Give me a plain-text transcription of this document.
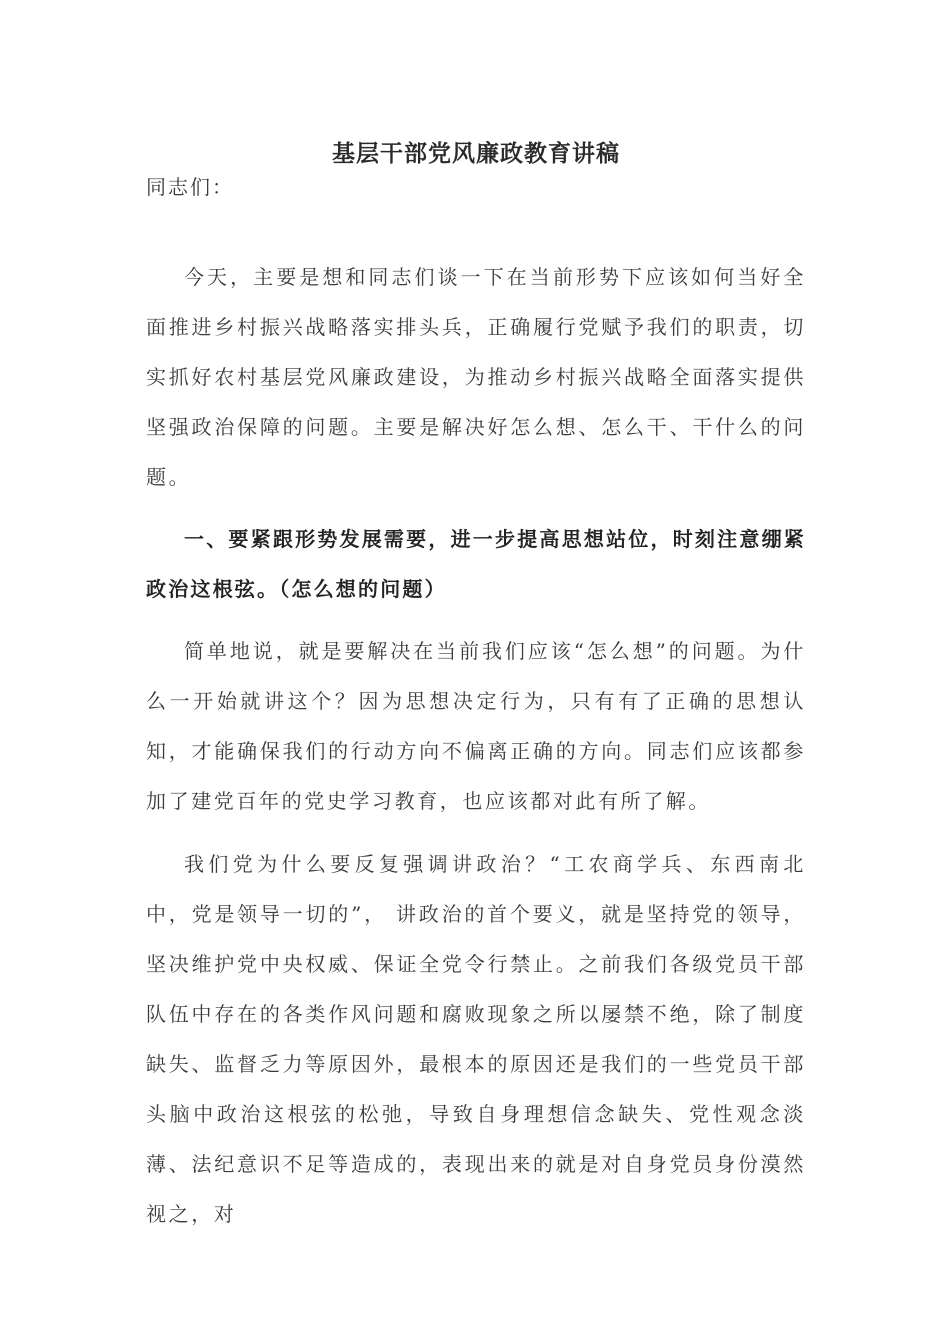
基层干部党风廉政教育讲稿

同志们：

今天，主要是想和同志们谈一下在当前形势下应该如何当好全面推进乡村振兴战略落实排头兵，正确履行党赋予我们的职责，切实抓好农村基层党风廉政建设，为推动乡村振兴战略全面落实提供坚强政治保障的问题。主要是解决好怎么想、怎么干、干什么的问题。

一、要紧跟形势发展需要，进一步提高思想站位，时刻注意绷紧政治这根弦。（怎么想的问题）

简单地说，就是要解决在当前我们应该“怎么想”的问题。为什么一开始就讲这个？因为思想决定行为，只有有了正确的思想认知，才能确保我们的行动方向不偏离正确的方向。同志们应该都参加了建党百年的党史学习教育，也应该都对此有所了解。

我们党为什么要反复强调讲政治？“工农商学兵、东西南北中，党是领导一切的”， 讲政治的首个要义，就是坚持党的领导，坚决维护党中央权威、保证全党令行禁止。之前我们各级党员干部队伍中存在的各类作风问题和腐败现象之所以屡禁不绝，除了制度缺失、监督乏力等原因外，最根本的原因还是我们的一些党员干部头脑中政治这根弦的松弛，导致自身理想信念缺失、党性观念淡薄、法纪意识不足等造成的，表现出来的就是对自身党员身份漠然视之，对
